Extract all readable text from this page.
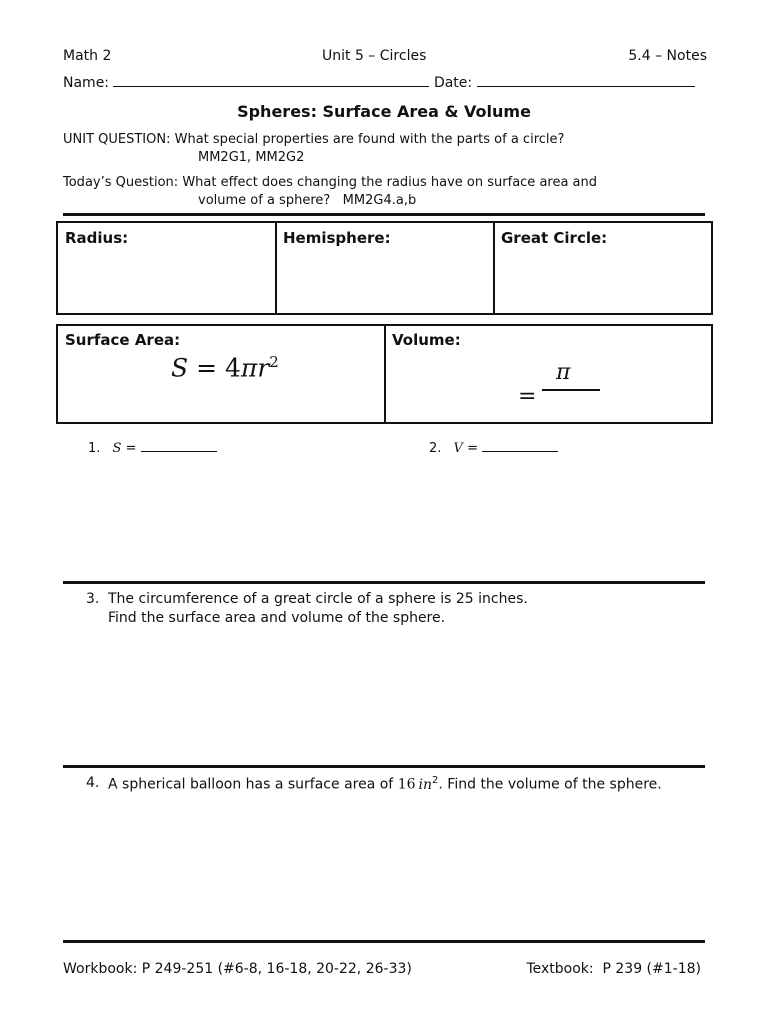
Math 2	Unit 5 – Circles	5.4 – Notes
Name:	Date:
Spheres: Surface Area & Volume
UNIT QUESTION: What special properties are found with the parts of a circle?
MM2G1, MM2G2
Today’s Question: What effect does changing the radius have on surface area and
volume of a sphere?   MM2G4.a,b
Radius:	Hemisphere:	Great Circle:
Surface Area:
$S = 4\pi r^2$
Volume:
=
π
1. S =	2. V =
3. The circumference of a great circle of a sphere is 25 inches.
Find the surface area and volume of the sphere.
4. A spherical balloon has a surface area of 16 $in^2$. Find the volume of the sphere.
Workbook: P 249-251 (#6-8, 16-18, 20-22, 26-33)	Textbook:  P 239 (#1-18)
